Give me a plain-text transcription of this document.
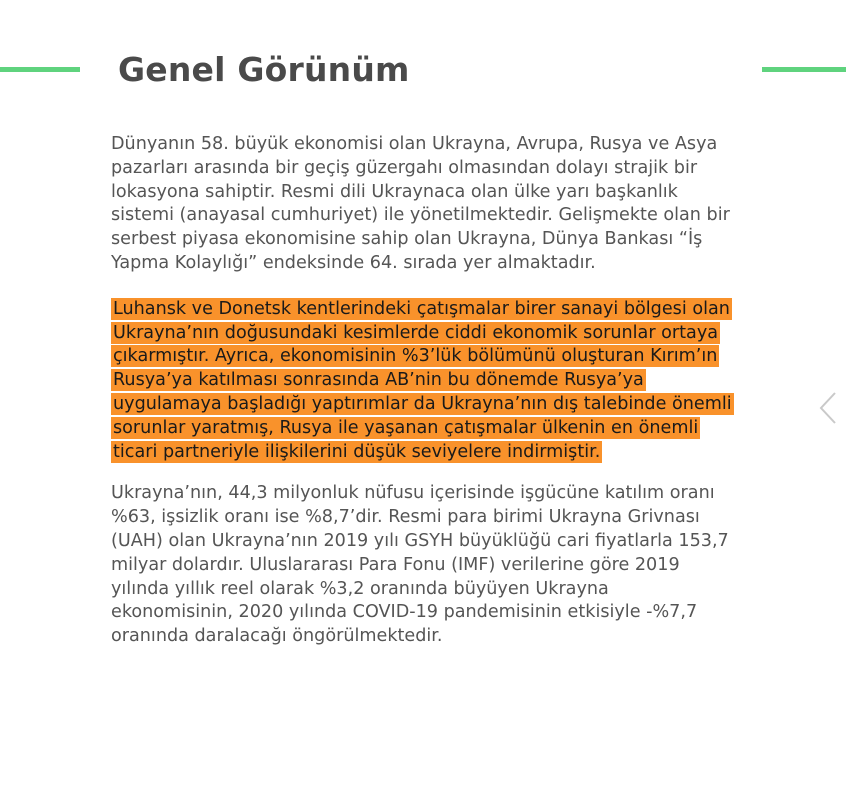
Genel Görünüm

Dünyanın 58. büyük ekonomisi olan Ukrayna, Avrupa, Rusya ve Asya pazarları arasında bir geçiş güzergahı olmasından dolayı strajik bir lokasyona sahiptir. Resmi dili Ukraynaca olan ülke yarı başkanlık sistemi (anayasal cumhuriyet) ile yönetilmektedir. Gelişmekte olan bir serbest piyasa ekonomisine sahip olan Ukrayna, Dünya Bankası “İş Yapma Kolaylığı” endeksinde 64. sırada yer almaktadır.

Luhansk ve Donetsk kentlerindeki çatışmalar birer sanayi bölgesi olan Ukrayna’nın doğusundaki kesimlerde ciddi ekonomik sorunlar ortaya çıkarmıştır. Ayrıca, ekonomisinin %3’lük bölümünü oluşturan Kırım’ın Rusya’ya katılması sonrasında AB’nin bu dönemde Rusya’ya uygulamaya başladığı yaptırımlar da Ukrayna’nın dış talebinde önemli sorunlar yaratmış, Rusya ile yaşanan çatışmalar ülkenin en önemli ticari partneriyle ilişkilerini düşük seviyelere indirmiştir.

Ukrayna’nın, 44,3 milyonluk nüfusu içerisinde işgücüne katılım oranı %63, işsizlik oranı ise %8,7’dir. Resmi para birimi Ukrayna Grivnası (UAH) olan Ukrayna’nın 2019 yılı GSYH büyüklüğü cari fiyatlarla 153,7 milyar dolardır. Uluslararası Para Fonu (IMF) verilerine göre 2019 yılında yıllık reel olarak %3,2 oranında büyüyen Ukrayna ekonomisinin, 2020 yılında COVID-19 pandemisinin etkisiyle -%7,7 oranında daralacağı öngörülmektedir.
